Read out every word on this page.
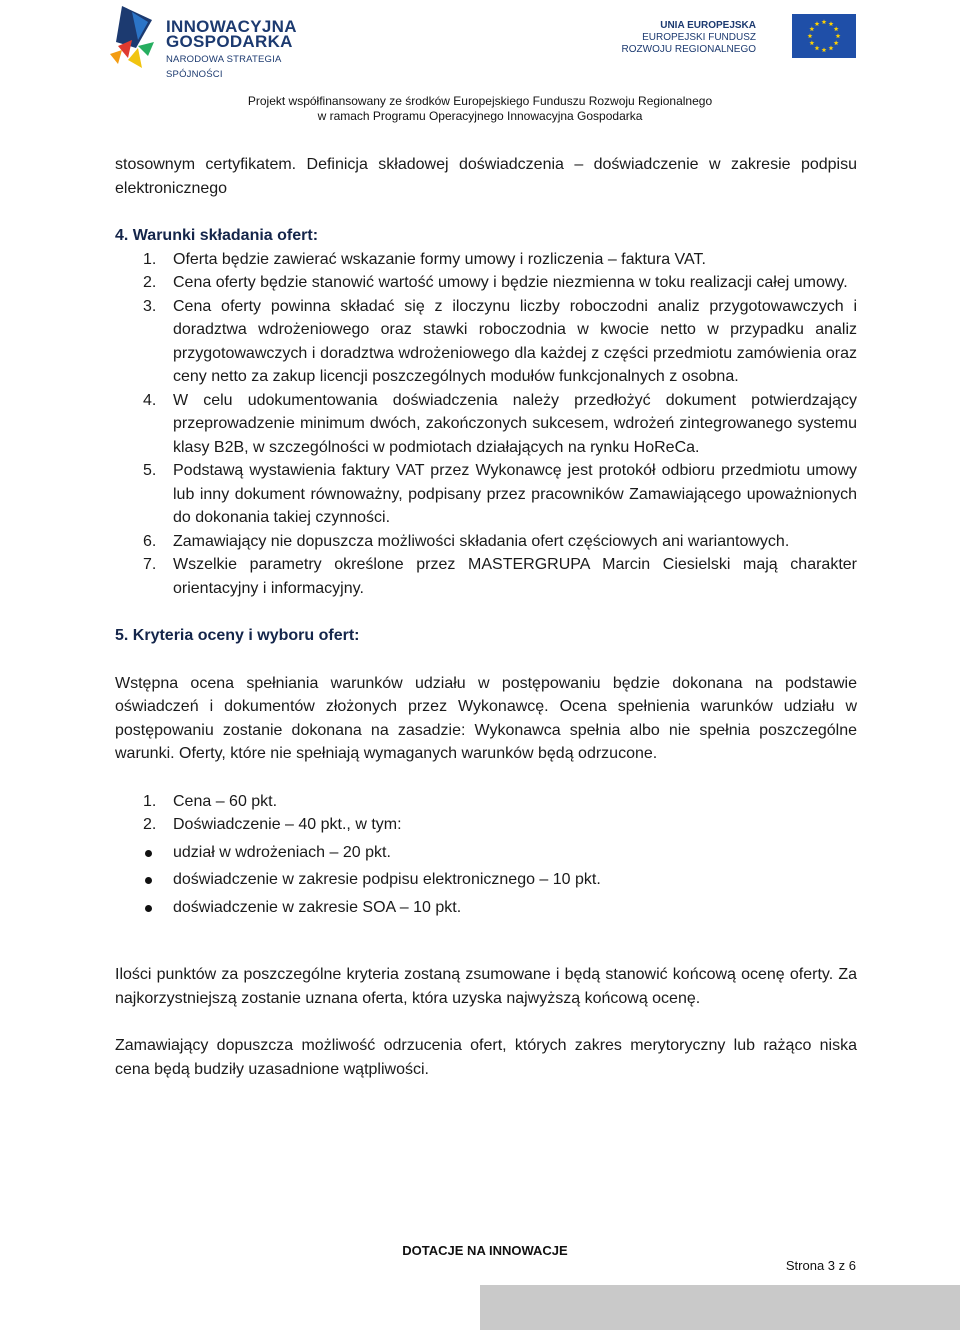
INNOWACYJNA
GOSPODARKA
NARODOWA STRATEGIA SPÓJNOŚCI
UNIA EUROPEJSKA
EUROPEJSKI FUNDUSZ
ROZWOJU REGIONALNEGO
Projekt współfinansowany ze środków Europejskiego Funduszu Rozwoju Regionalnego
w ramach Programu Operacyjnego Innowacyjna Gospodarka

stosownym certyfikatem. Definicja składowej doświadczenia – doświadczenie w zakresie podpisu elektronicznego

4. Warunki składania ofert:

1. Oferta będzie zawierać wskazanie formy umowy i rozliczenia – faktura VAT.
2. Cena oferty będzie stanowić wartość umowy i będzie niezmienna w toku realizacji całej umowy.
3. Cena oferty powinna składać się z iloczynu liczby roboczodni analiz przygotowawczych i doradztwa wdrożeniowego oraz stawki roboczodnia w kwocie netto w przypadku analiz przygotowawczych i doradztwa wdrożeniowego dla każdej z części przedmiotu zamówienia oraz ceny netto za zakup licencji poszczególnych modułów funkcjonalnych z osobna.
4. W celu udokumentowania doświadczenia należy przedłożyć dokument potwierdzający przeprowadzenie minimum dwóch, zakończonych sukcesem, wdrożeń zintegrowanego systemu klasy B2B, w szczególności w podmiotach działających na rynku HoReCa.
5. Podstawą wystawienia faktury VAT przez Wykonawcę jest protokół odbioru przedmiotu umowy lub inny dokument równoważny, podpisany przez pracowników Zamawiającego upoważnionych do dokonania takiej czynności.
6. Zamawiający nie dopuszcza możliwości składania ofert częściowych ani wariantowych.
7. Wszelkie parametry określone przez MASTERGRUPA Marcin Ciesielski mają charakter orientacyjny i informacyjny.

5. Kryteria oceny i wyboru ofert:

Wstępna ocena spełniania warunków udziału w postępowaniu będzie dokonana na podstawie oświadczeń i dokumentów złożonych przez Wykonawcę. Ocena spełnienia warunków udziału w postępowaniu zostanie dokonana na zasadzie: Wykonawca spełnia albo nie spełnia poszczególne warunki. Oferty, które nie spełniają wymaganych warunków będą odrzucone.

1. Cena – 60 pkt.
2. Doświadczenie – 40 pkt., w tym:
udział w wdrożeniach – 20 pkt.
doświadczenie w zakresie podpisu elektronicznego – 10 pkt.
doświadczenie w zakresie SOA – 10 pkt.

Ilości punktów za poszczególne kryteria zostaną zsumowane i będą stanowić końcową ocenę oferty. Za najkorzystniejszą zostanie uznana oferta, która uzyska najwyższą końcową ocenę.

Zamawiający dopuszcza możliwość odrzucenia ofert, których zakres merytoryczny lub rażąco niska cena będą budziły uzasadnione wątpliwości.

DOTACJE NA INNOWACJE
Strona 3 z 6
